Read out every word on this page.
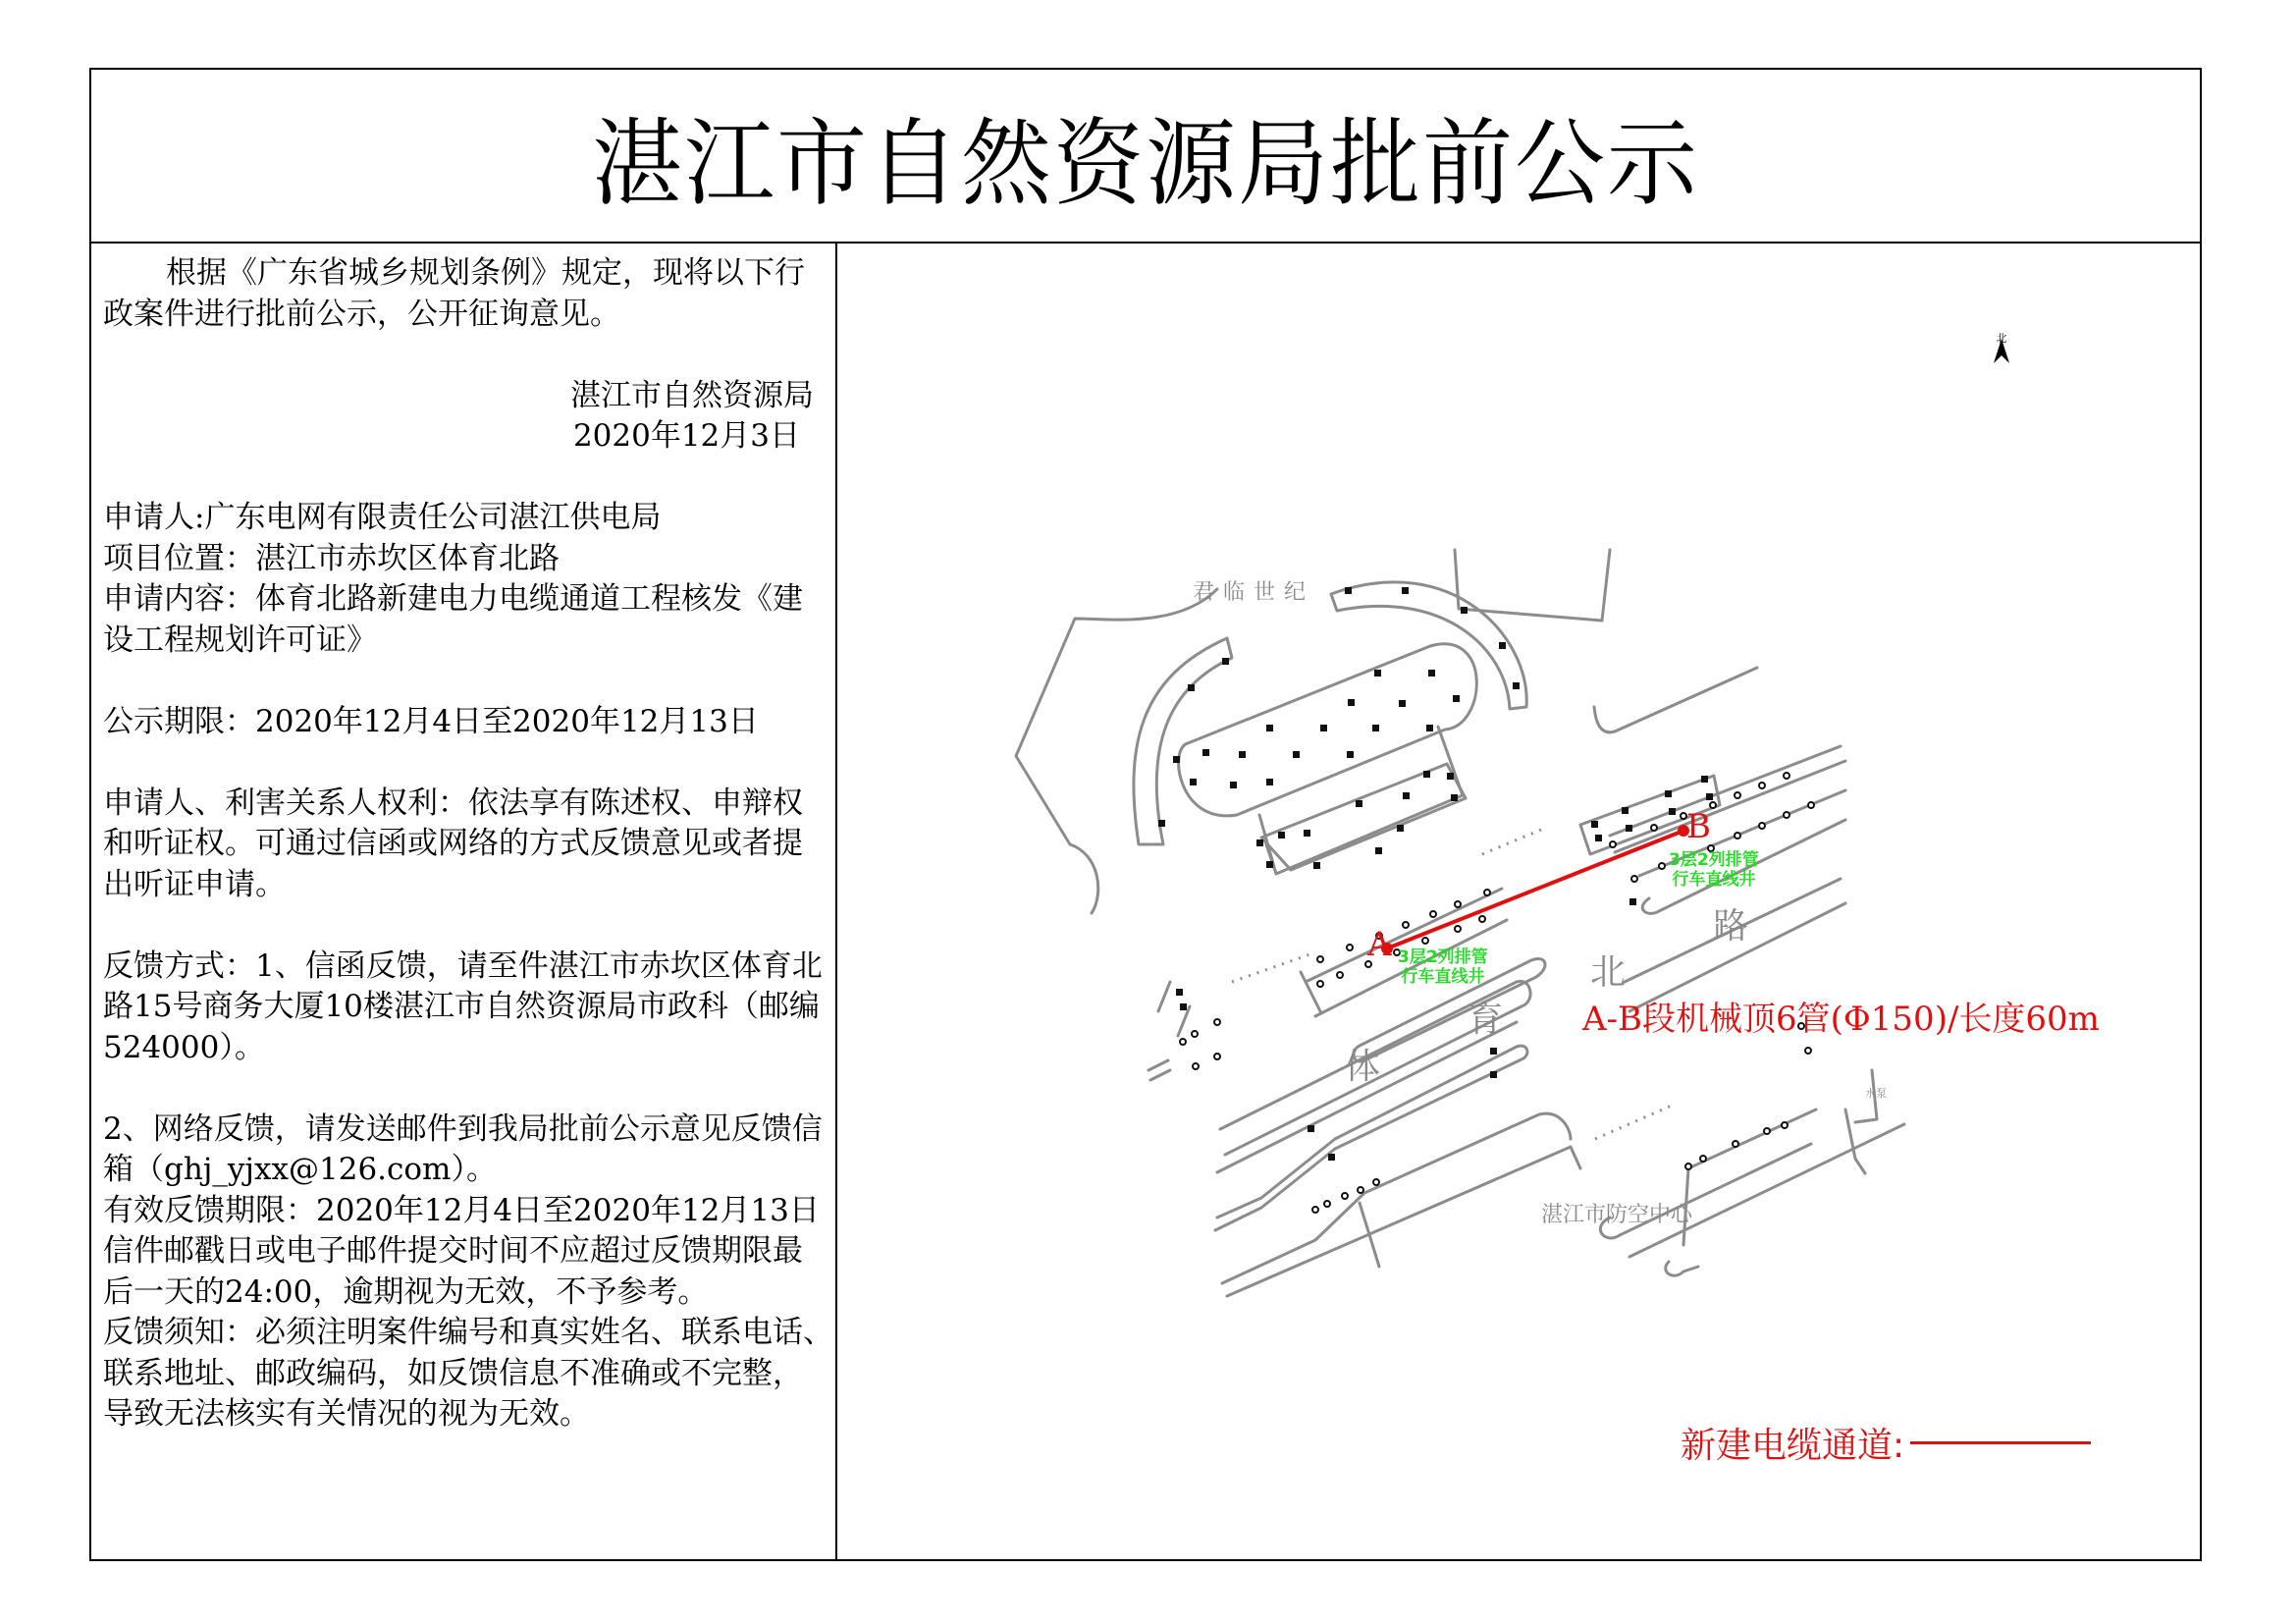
湛江市自然资源局批前公示

根据《广东省城乡规划条例》规定，现将以下行

政案件进行批前公示，公开征询意见。

湛江市自然资源局

2020年12月3日

申请人:广东电网有限责任公司湛江供电局

项目位置：湛江市赤坎区体育北路

申请内容：体育北路新建电力电缆通道工程核发《建

设工程规划许可证》

公示期限：2020年12月4日至2020年12月13日

申请人、利害关系人权利：依法享有陈述权、申辩权

和听证权。可通过信函或网络的方式反馈意见或者提

出听证申请。

反馈方式：1、信函反馈，请至件湛江市赤坎区体育北

路15号商务大厦10楼湛江市自然资源局市政科（邮编

524000）。

2、网络反馈，请发送邮件到我局批前公示意见反馈信

箱（ghj_yjxx@126.com）。

有效反馈期限：2020年12月4日至2020年12月13日

信件邮戳日或电子邮件提交时间不应超过反馈期限最

后一天的24:00，逾期视为无效，不予参考。

反馈须知：必须注明案件编号和真实姓名、联系电话、

联系地址、邮政编码，如反馈信息不准确或不完整，

导致无法核实有关情况的视为无效。

北
君临世纪
湛江市防空中心
体
育
北
路
水泵
A
B
3层2列排管
行车直线井
3层2列排管
行车直线井
A-B段机械顶6管(Φ150)/长度60m
新建电缆通道:
